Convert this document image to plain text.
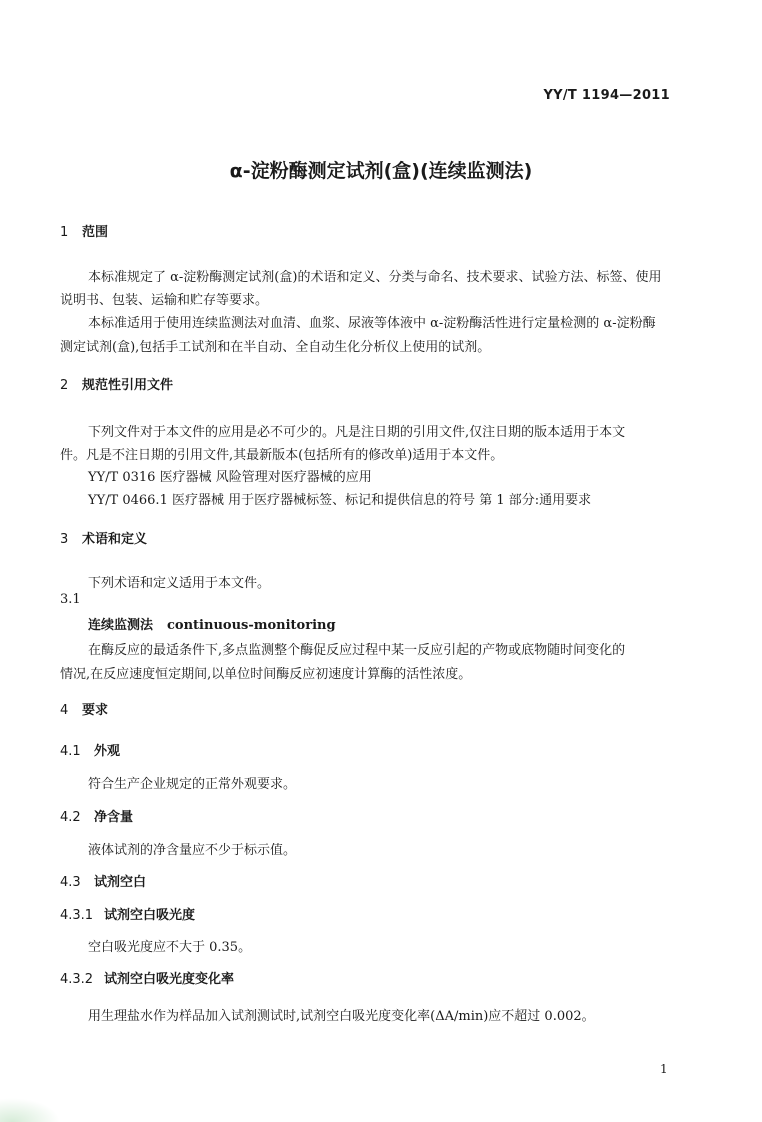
YY/T 1194—2011
α-淀粉酶测定试剂(盒)(连续监测法)
1 范围
本标准规定了 α-淀粉酶测定试剂(盒)的术语和定义、分类与命名、技术要求、试验方法、标签、使用
说明书、包装、运输和贮存等要求。
本标准适用于使用连续监测法对血清、血浆、尿液等体液中 α-淀粉酶活性进行定量检测的 α-淀粉酶
测定试剂(盒),包括手工试剂和在半自动、全自动生化分析仪上使用的试剂。
2 规范性引用文件
下列文件对于本文件的应用是必不可少的。凡是注日期的引用文件,仅注日期的版本适用于本文
件。凡是不注日期的引用文件,其最新版本(包括所有的修改单)适用于本文件。
YY/T 0316 医疗器械 风险管理对医疗器械的应用
YY/T 0466.1 医疗器械 用于医疗器械标签、标记和提供信息的符号 第 1 部分:通用要求
3 术语和定义
下列术语和定义适用于本文件。
3.1
连续监测法 continuous-monitoring
在酶反应的最适条件下,多点监测整个酶促反应过程中某一反应引起的产物或底物随时间变化的
情况,在反应速度恒定期间,以单位时间酶反应初速度计算酶的活性浓度。
4 要求
4.1 外观
符合生产企业规定的正常外观要求。
4.2 净含量
液体试剂的净含量应不少于标示值。
4.3 试剂空白
4.3.1 试剂空白吸光度
空白吸光度应不大于 0.35。
4.3.2 试剂空白吸光度变化率
用生理盐水作为样品加入试剂测试时,试剂空白吸光度变化率(ΔA/min)应不超过 0.002。
1
